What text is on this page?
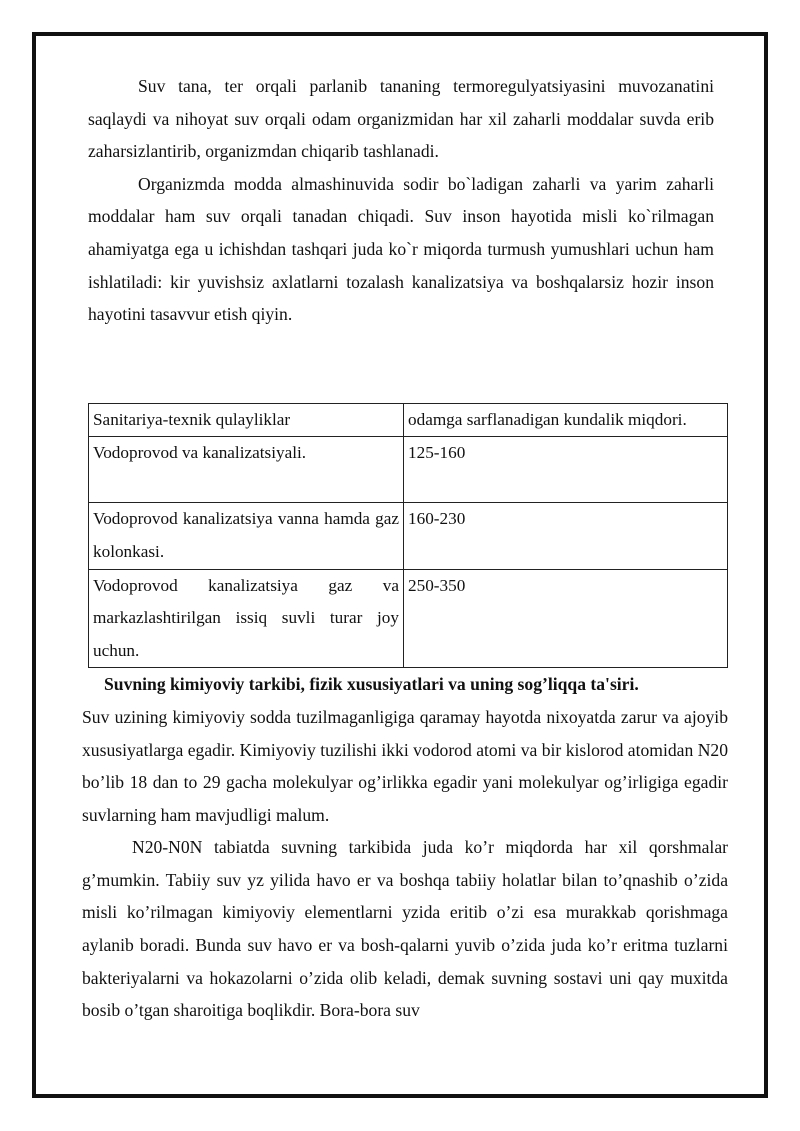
Suv tana, ter orqali parlanib tananing termoregulyatsiyasini muvozanatini saqlaydi va nihoyat suv orqali odam organizmidan har xil zaharli moddalar suvda erib zaharsizlantirib, organizmdan chiqarib tashlanadi.

Organizmda modda almashinuvida sodir bo`ladigan zaharli va yarim zaharli moddalar ham suv orqali tanadan chiqadi. Suv inson hayotida misli ko`rilmagan ahamiyatga ega u ichishdan tashqari juda ko`r miqorda turmush yumushlari uchun ham ishlatiladi: kir yuvishsiz axlatlarni tozalash kanalizatsiya va boshqalarsiz hozir inson hayotini tasavvur etish qiyin.

Sanitariya-texnik qulayliklar	odamga sarflanadigan kundalik miqdori.
Vodoprovod va kanalizatsiyali.	125-160
Vodoprovod kanalizatsiya vanna hamda gaz kolonkasi.	160-230
Vodoprovod kanalizatsiya gaz va markazlashtirilgan issiq suvli turar joy uchun.	250-350

Suvning kimiyoviy tarkibi, fizik xususiyatlari va uning sog’liqqa ta'siri.

Suv uzining kimiyoviy sodda tuzilmaganligiga qaramay hayotda nixoyatda zarur va ajoyib xususiyatlarga egadir. Kimiyoviy tuzilishi ikki vodorod atomi va bir kislorod atomidan N20 bo’lib 18 dan to 29 gacha molekulyar og’irlikka egadir yani molekulyar og’irligiga egadir suvlarning ham mavjudligi malum.

N20-N0N tabiatda suvning tarkibida juda ko’r miqdorda har xil qorshmalar g’mumkin. Tabiiy suv yz yilida havo er va boshqa tabiiy holatlar bilan to’qnashib o’zida misli ko’rilmagan kimiyoviy elementlarni yzida eritib o’zi esa murakkab qorishmaga aylanib boradi. Bunda suv havo er va bosh-qalarni yuvib o’zida juda ko’r eritma tuzlarni bakteriyalarni va hokazolarni o’zida olib keladi, demak suvning sostavi uni qay muxitda bosib o’tgan sharoitiga boqlikdir. Bora-bora suv
